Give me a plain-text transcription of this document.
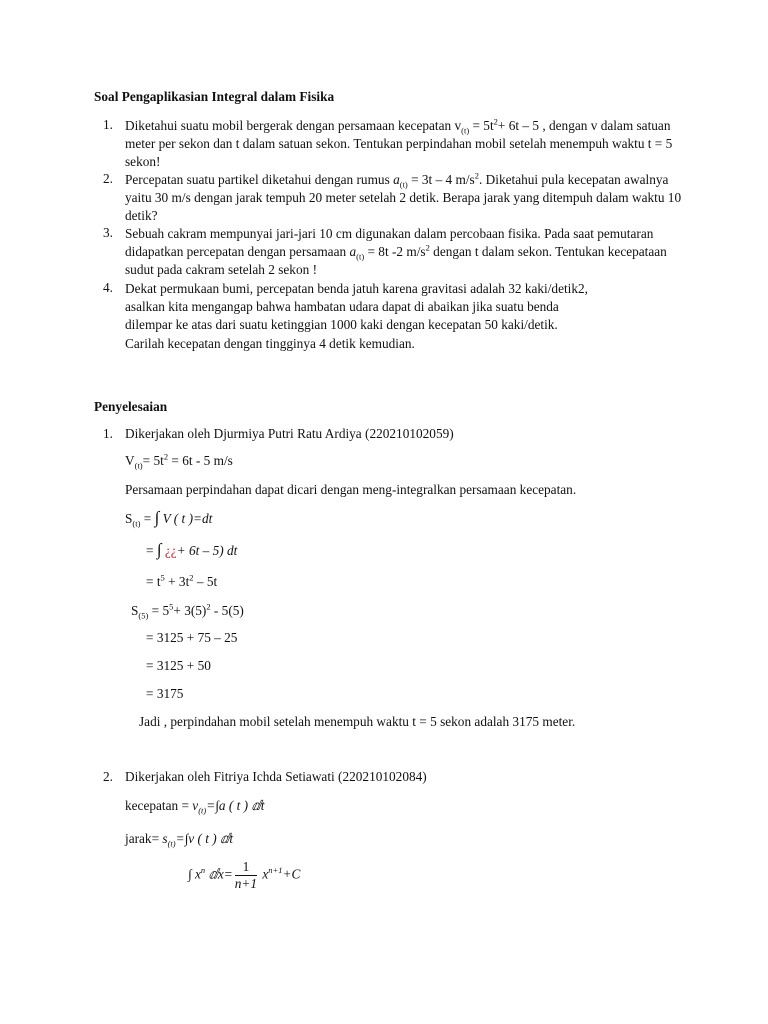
Soal Pengaplikasian Integral dalam Fisika
1. Diketahui suatu mobil bergerak dengan persamaan kecepatan $v_{(t)} = 5t^2+ 6t - 5$ , dengan v dalam satuan meter per sekon dan t dalam satuan sekon. Tentukan perpindahan mobil setelah menempuh waktu t = 5 sekon!
2. Percepatan suatu partikel diketahui dengan rumus $a_{(t)} = 3t - 4$ $m/s^2$. Diketahui pula kecepatan awalnya yaitu 30 m/s dengan jarak tempuh 20 meter setelah 2 detik. Berapa jarak yang ditempuh dalam waktu 10 detik?
3. Sebuah cakram mempunyai jari-jari 10 cm digunakan dalam percobaan fisika. Pada saat pemutaran didapatkan percepatan dengan persamaan $a_{(t)} = 8t$ -2 $m/s^2$ dengan t dalam sekon. Tentukan kecepataan sudut pada cakram setelah 2 sekon !
4. Dekat permukaan bumi, percepatan benda jatuh karena gravitasi adalah 32 kaki/detik2,
asalkan kita mengangap bahwa hambatan udara dapat di abaikan jika suatu benda
dilempar ke atas dari suatu ketinggian 1000 kaki dengan kecepatan 50 kaki/detik.
Carilah kecepatan dengan tingginya 4 detik kemudian.
Penyelesaian
1. Dikerjakan oleh Djurmiya Putri Ratu Ardiya (220210102059)
$V_{(t)}= 5t^2 = 6t - 5$ m/s
Persamaan perpindahan dapat dicari dengan meng-integralkan persamaan kecepatan.
$S_{(t)}$ = ∫ V ( t )=dt
= ∫ ¿¿+ 6t – 5) dt
= $t^5 + 3t^2 - 5t$
$S_{(5)} = 5^5+ 3(5)^2 - 5(5)$
= 3125 + 75 – 25
= 3125 + 50
= 3175
Jadi , perpindahan mobil setelah menempuh waktu t = 5 sekon adalah 3175 meter.
2. Dikerjakan oleh Fitriya Ichda Setiawati (220210102084)
kecepatan = $v_{(t)}=\int a$ ( t ) ⅆt
jarak= $s_{(t)}=\int v$ ( t ) ⅆt
∫ $x^n$ ⅆx= $\frac{1}{n+1} x^{n+1}+C$
